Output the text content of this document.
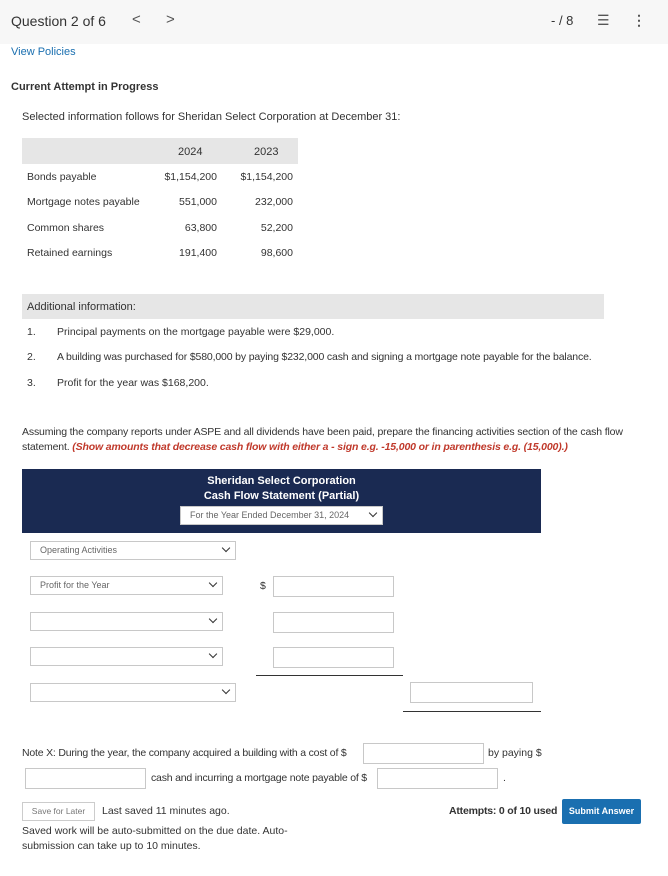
Question 2 of 6 < >	- / 8 ☰ ⋮
View Policies
Current Attempt in Progress
Selected information follows for Sheridan Select Corporation at December 31:
2024	2023
Bonds payable	$1,154,200	$1,154,200
Mortgage notes payable	551,000	232,000
Common shares	63,800	52,200
Retained earnings	191,400	98,600
Additional information:
1. Principal payments on the mortgage payable were $29,000.
2. A building was purchased for $580,000 by paying $232,000 cash and signing a mortgage note payable for the balance.
3. Profit for the year was $168,200.
Assuming the company reports under ASPE and all dividends have been paid, prepare the financing activities section of the cash flow
statement. (Show amounts that decrease cash flow with either a - sign e.g. -15,000 or in parenthesis e.g. (15,000).)
Sheridan Select Corporation
Cash Flow Statement (Partial)
For the Year Ended December 31, 2024
Operating Activities
Profit for the Year	$
Note X: During the year, the company acquired a building with a cost of $	by paying $
cash and incurring a mortgage note payable of $	.
Save for Later	Last saved 11 minutes ago.
Saved work will be auto-submitted on the due date. Auto-
submission can take up to 10 minutes.
Attempts: 0 of 10 used	Submit Answer
